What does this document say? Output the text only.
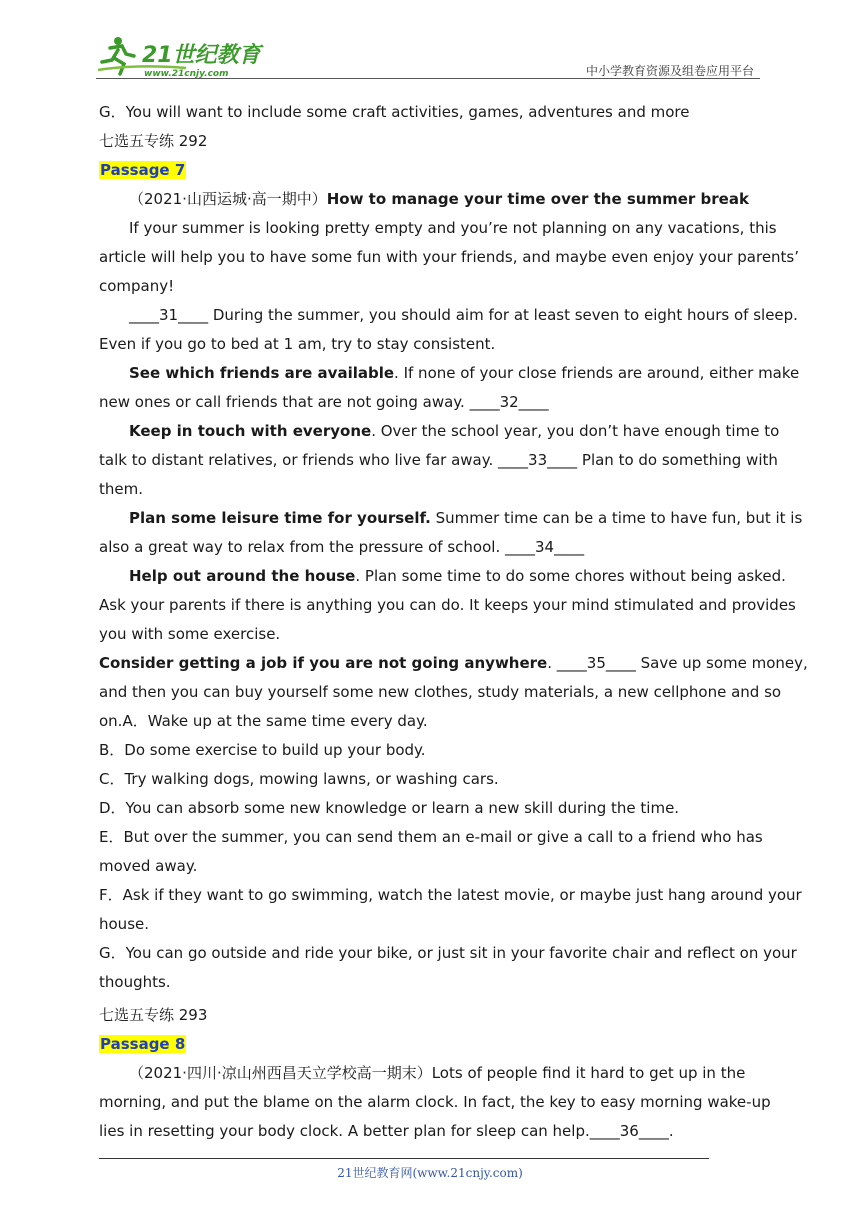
21世纪教育
www.21cnjy.com	中小学教育资源及组卷应用平台
G．You will want to include some craft activities, games, adventures and more
七选五专练 292
Passage 7
（2021·山西运城·高一期中）How to manage your time over the summer break
If your summer is looking pretty empty and you’re not planning on any vacations, this
article will help you to have some fun with your friends, and maybe even enjoy your parents’
company!
____31____ During the summer, you should aim for at least seven to eight hours of sleep.
Even if you go to bed at 1 am, try to stay consistent.
See which friends are available. If none of your close friends are around, either make
new ones or call friends that are not going away. ____32____
Keep in touch with everyone. Over the school year, you don’t have enough time to
talk to distant relatives, or friends who live far away. ____33____ Plan to do something with
them.
Plan some leisure time for yourself. Summer time can be a time to have fun, but it is
also a great way to relax from the pressure of school. ____34____
Help out around the house. Plan some time to do some chores without being asked.
Ask your parents if there is anything you can do. It keeps your mind stimulated and provides
you with some exercise.
Consider getting a job if you are not going anywhere. ____35____ Save up some money,
and then you can buy yourself some new clothes, study materials, a new cellphone and so
on.A．Wake up at the same time every day.
B．Do some exercise to build up your body.
C．Try walking dogs, mowing lawns, or washing cars.
D．You can absorb some new knowledge or learn a new skill during the time.
E．But over the summer, you can send them an e-mail or give a call to a friend who has
moved away.
F．Ask if they want to go swimming, watch the latest movie, or maybe just hang around your
house.
G．You can go outside and ride your bike, or just sit in your favorite chair and reflect on your
thoughts.
七选五专练 293
Passage 8
（2021·四川·凉山州西昌天立学校高一期末）Lots of people find it hard to get up in the
morning, and put the blame on the alarm clock. In fact, the key to easy morning wake-up
lies in resetting your body clock. A better plan for sleep can help.____36____.
21世纪教育网(www.21cnjy.com)
